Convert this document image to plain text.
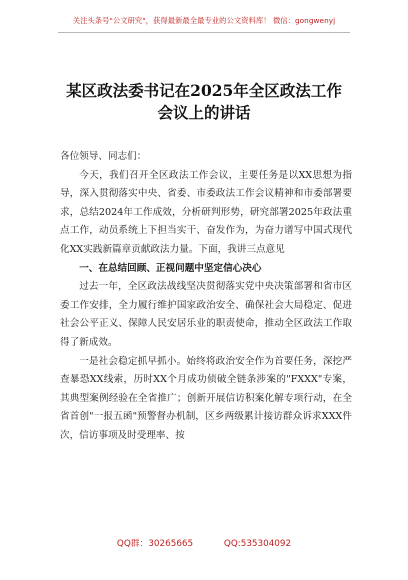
关注头条号"公文研究"，获得最新最全最专业的公文资料库！ 微信：gongwenyj
某区政法委书记在2025年全区政法工作
会议上的讲话

各位领导、同志们：

今天，我们召开全区政法工作会议，主要任务是以XX思想为指导，深入贯彻落实中央、省委、市委政法工作会议精神和市委部署要求，总结2024年工作成效，分析研判形势，研究部署2025年政法重点工作，动员系统上下担当实干、奋发作为，为奋力谱写中国式现代化XX实践新篇章贡献政法力量。下面，我讲三点意见

一、在总结回顾、正视问题中坚定信心决心

过去一年，全区政法战线坚决贯彻落实党中央决策部署和省市区委工作安排，全力履行维护国家政治安全、确保社会大局稳定、促进社会公平正义、保障人民安居乐业的职责使命，推动全区政法工作取得了新成效。

一是社会稳定抓早抓小。始终将政治安全作为首要任务，深挖严查暴恐XX线索，历时XX个月成功侦破全链条涉案的"FXXX"专案，其典型案例经验在全省推广；创新开展信访积案化解专项行动，在全省首创"一报五函"预警督办机制，区乡两级累计接访群众诉求XXX件次，信访事项及时受理率、按

QQ群：30265665	QQ:535304092
